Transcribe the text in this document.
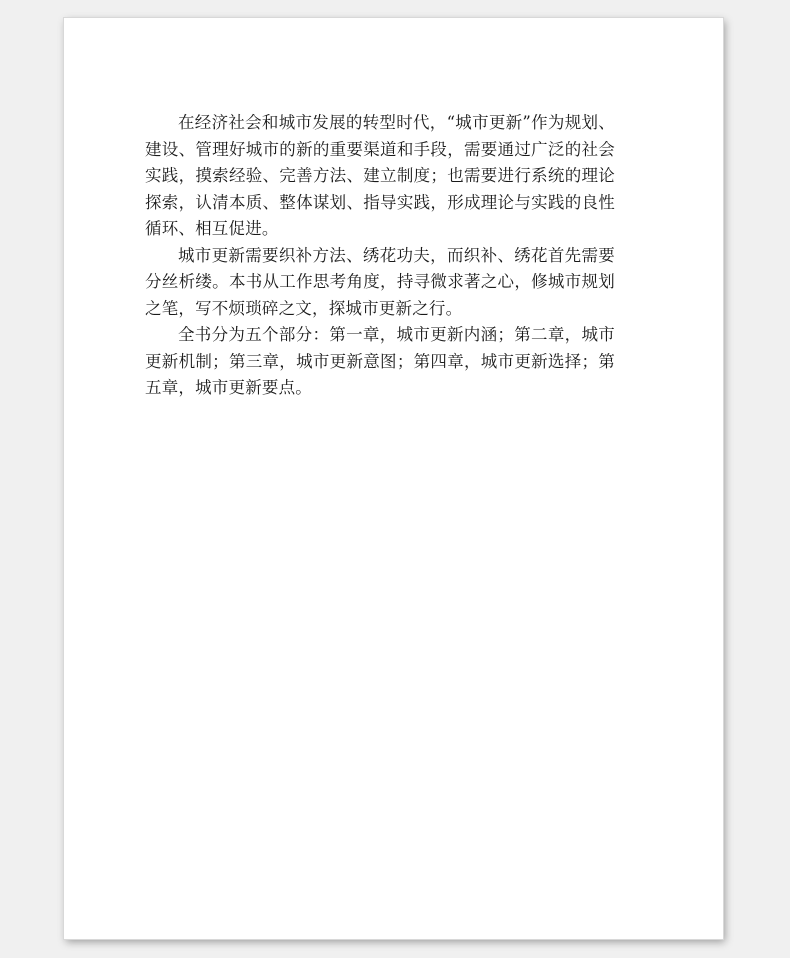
在经济社会和城市发展的转型时代，“城市更新”作为规划、建设、管理好城市的新的重要渠道和手段，需要通过广泛的社会实践，摸索经验、完善方法、建立制度；也需要进行系统的理论探索，认清本质、整体谋划、指导实践，形成理论与实践的良性循环、相互促进。

城市更新需要织补方法、绣花功夫，而织补、绣花首先需要分丝析缕。本书从工作思考角度，持寻微求著之心，修城市规划之笔，写不烦琐碎之文，探城市更新之行。

全书分为五个部分：第一章，城市更新内涵；第二章，城市更新机制；第三章，城市更新意图；第四章，城市更新选择；第五章，城市更新要点。
